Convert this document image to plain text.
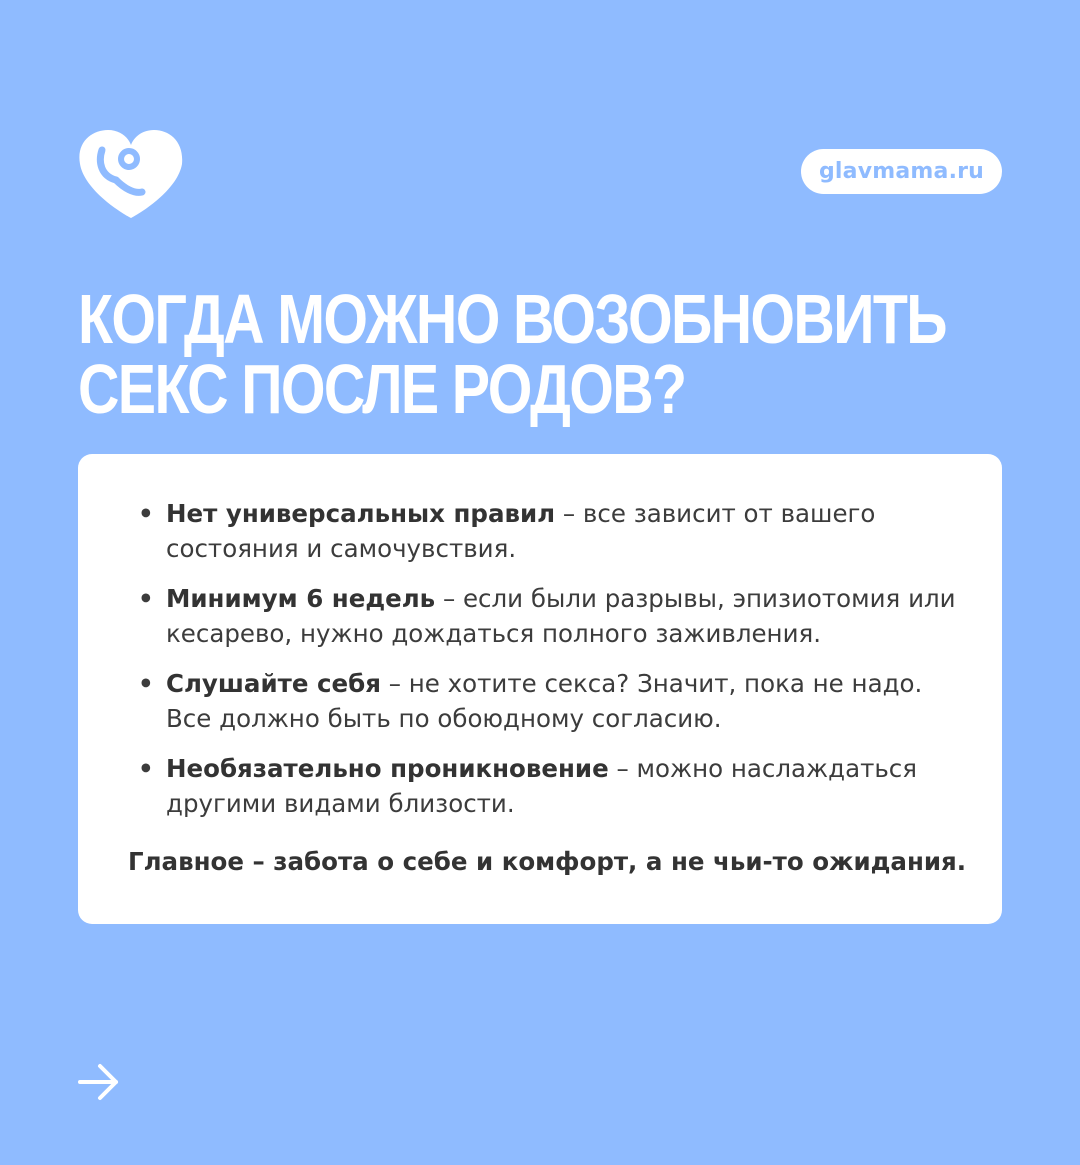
glavmama.ru
КОГДА МОЖНО ВОЗОБНОВИТЬ
СЕКС ПОСЛЕ РОДОВ?
• Нет универсальных правил – все зависит от вашего состояния и самочувствия.
• Минимум 6 недель – если были разрывы, эпизиотомия или кесарево, нужно дождаться полного заживления.
• Слушайте себя – не хотите секса? Значит, пока не надо. Все должно быть по обоюдному согласию.
• Необязательно проникновение – можно наслаждаться другими видами близости.

Главное – забота о себе и комфорт, а не чьи-то ожидания.
